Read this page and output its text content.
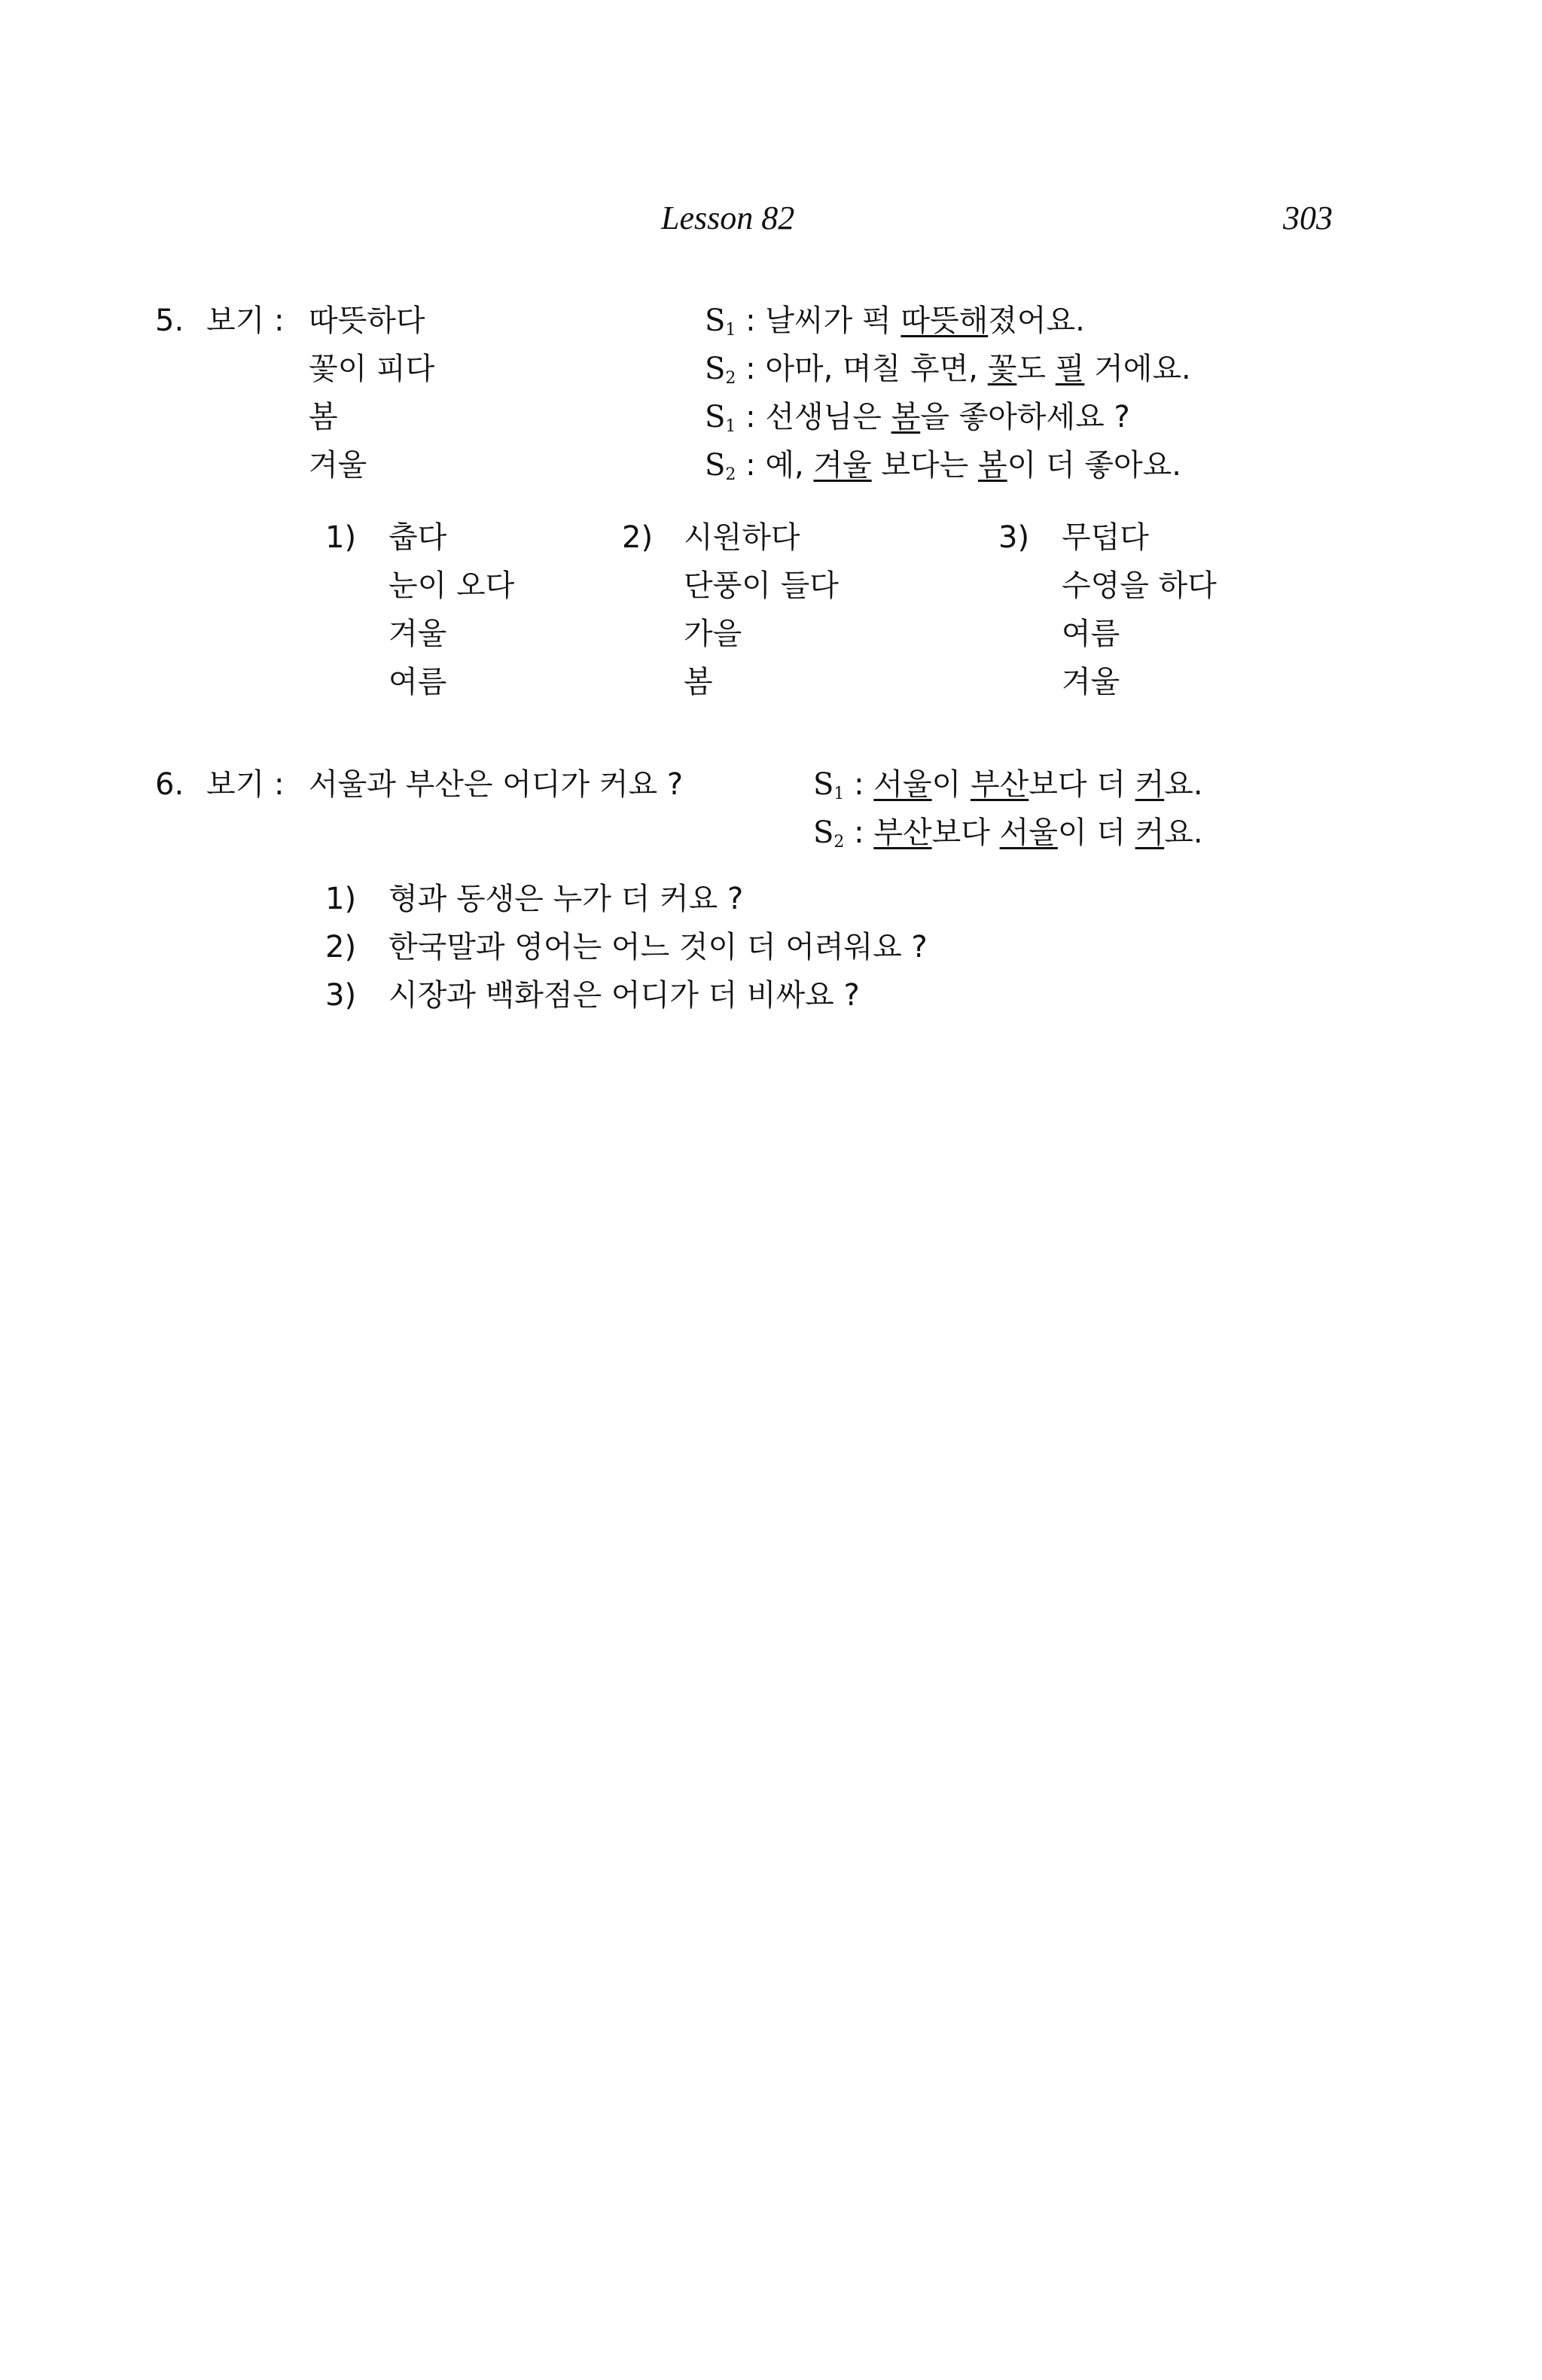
Lesson 82	303
5. 보기 : 따뜻하다
꽃이 피다
봄
겨울
$S_1$ : 날씨가 퍽 따뜻해졌어요.
$S_2$ : 아마, 며칠 후면, 꽃도 필 거에요.
$S_1$ : 선생님은 봄을 좋아하세요 ?
$S_2$ : 예, 겨울 보다는 봄이 더 좋아요.
1) 춥다
눈이 오다
겨울
여름
2) 시원하다
단풍이 들다
가을
봄
3) 무덥다
수영을 하다
여름
겨울
6. 보기 : 서울과 부산은 어디가 커요 ?	$S_1$ : 서울이 부산보다 더 커요.
$S_2$ : 부산보다 서울이 더 커요.
1) 형과 동생은 누가 더 커요 ?
2) 한국말과 영어는 어느 것이 더 어려워요 ?
3) 시장과 백화점은 어디가 더 비싸요 ?
